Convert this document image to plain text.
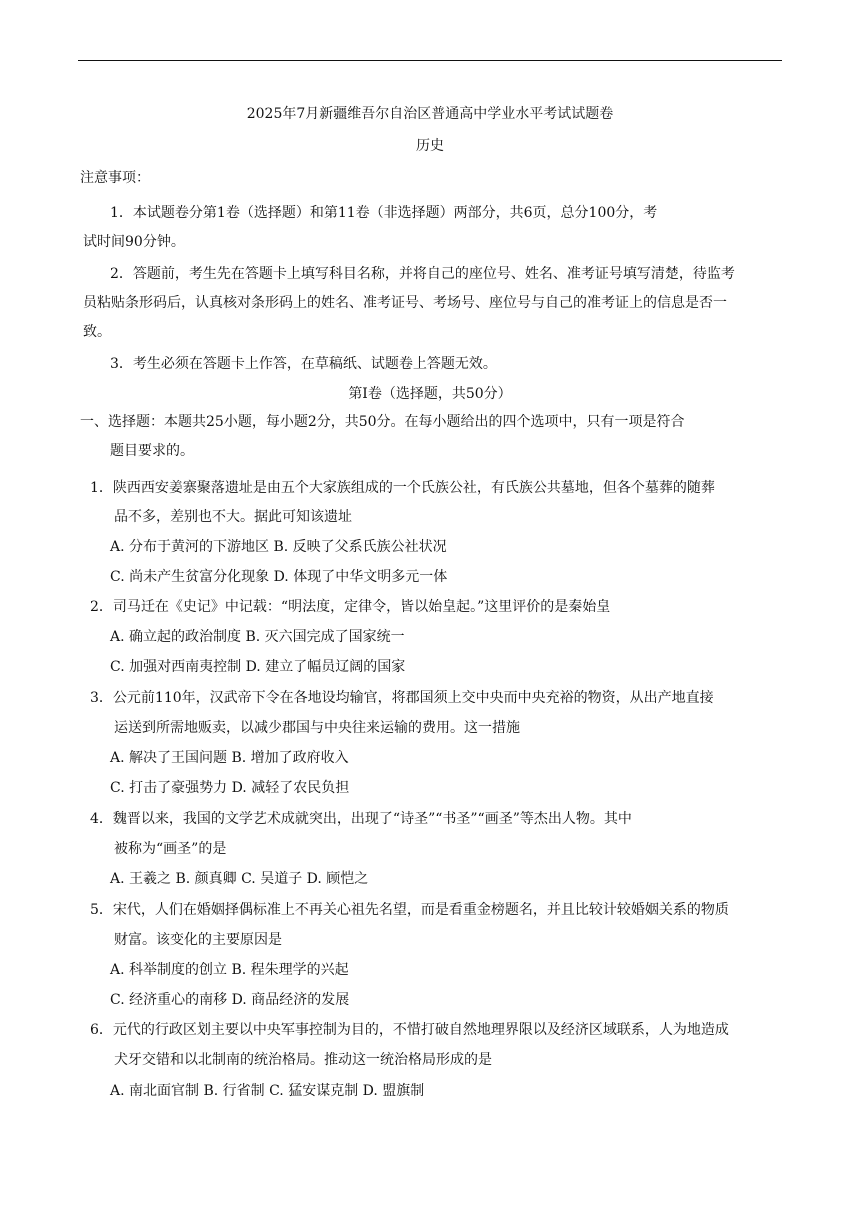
2025年7月新疆维吾尔自治区普通高中学业水平考试试题卷
历史
注意事项：
1．本试题卷分第1卷（选择题）和第11卷（非选择题）两部分，共6页，总分100分，考
试时间90分钟。
2．答题前，考生先在答题卡上填写科目名称，并将自己的座位号、姓名、准考证号填写清楚，待监考
员粘贴条形码后，认真核对条形码上的姓名、准考证号、考场号、座位号与自己的准考证上的信息是否一
致。
3．考生必须在答题卡上作答，在草稿纸、试题卷上答题无效。
第Ⅰ卷（选择题，共50分）
一、选择题：本题共25小题，每小题2分，共50分。在每小题给出的四个选项中，只有一项是符合
题目要求的。
1．陕西西安姜寨聚落遗址是由五个大家族组成的一个氏族公社，有氏族公共墓地，但各个墓葬的随葬
品不多，差别也不大。据此可知该遗址
A. 分布于黄河的下游地区 B. 反映了父系氏族公社状况
C. 尚未产生贫富分化现象 D. 体现了中华文明多元一体
2．司马迁在《史记》中记载：“明法度，定律令，皆以始皇起。”这里评价的是秦始皇
A. 确立起的政治制度 B. 灭六国完成了国家统一
C. 加强对西南夷控制 D. 建立了幅员辽阔的国家
3．公元前110年，汉武帝下令在各地设均输官，将郡国须上交中央而中央充裕的物资，从出产地直接
运送到所需地贩卖，以减少郡国与中央往来运输的费用。这一措施
A. 解决了王国问题 B. 增加了政府收入
C. 打击了豪强势力 D. 减轻了农民负担
4．魏晋以来，我国的文学艺术成就突出，出现了“诗圣”“书圣”“画圣”等杰出人物。其中
被称为“画圣”的是
A. 王羲之 B. 颜真卿 C. 吴道子 D. 顾恺之
5．宋代，人们在婚姻择偶标准上不再关心祖先名望，而是看重金榜题名，并且比较计较婚姻关系的物质
财富。该变化的主要原因是
A. 科举制度的创立 B. 程朱理学的兴起
C. 经济重心的南移 D. 商品经济的发展
6．元代的行政区划主要以中央军事控制为目的，不惜打破自然地理界限以及经济区域联系，人为地造成
犬牙交错和以北制南的统治格局。推动这一统治格局形成的是
A. 南北面官制 B. 行省制 C. 猛安谋克制 D. 盟旗制
